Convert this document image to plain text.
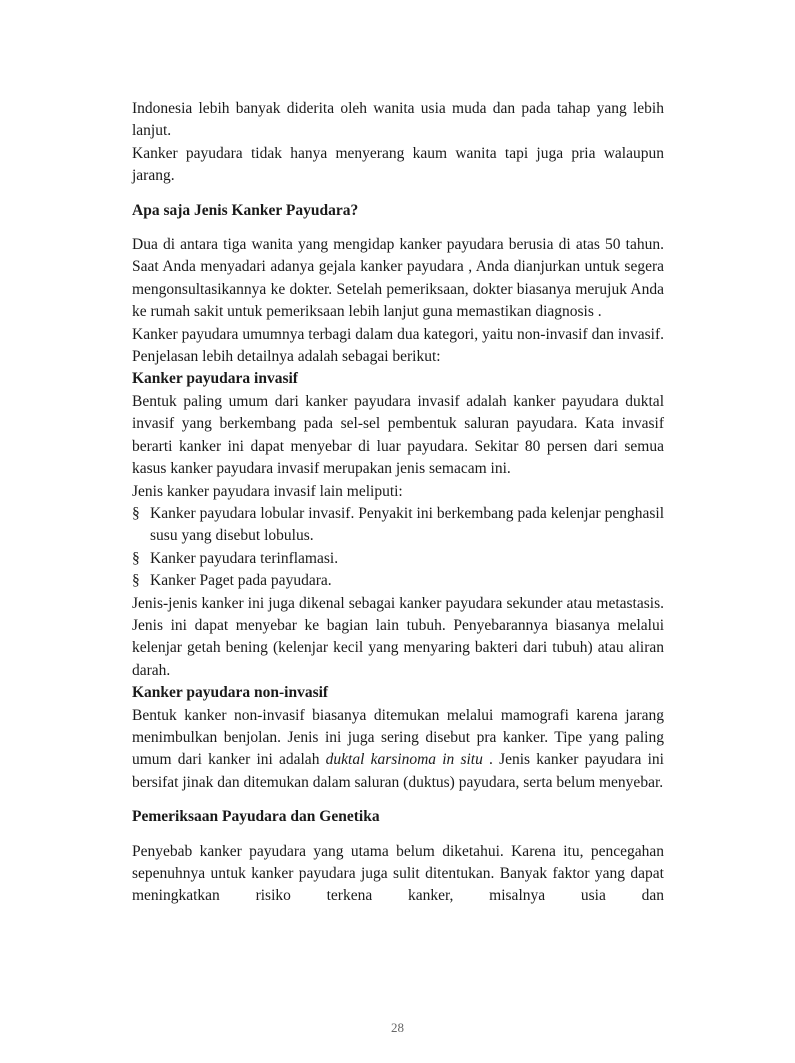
Indonesia lebih banyak diderita oleh wanita usia muda dan pada tahap yang lebih lanjut.

Kanker payudara tidak hanya menyerang kaum wanita tapi juga pria walaupun jarang.

Apa saja Jenis Kanker Payudara?

Dua di antara tiga wanita yang mengidap kanker payudara berusia di atas 50 tahun. Saat Anda menyadari adanya gejala kanker payudara , Anda dianjurkan untuk segera mengonsultasikannya ke dokter. Setelah pemeriksaan, dokter biasanya merujuk Anda ke rumah sakit untuk pemeriksaan lebih lanjut guna memastikan diagnosis .

Kanker payudara umumnya terbagi dalam dua kategori, yaitu non-invasif dan invasif. Penjelasan lebih detailnya adalah sebagai berikut:

Kanker payudara invasif

Bentuk paling umum dari kanker payudara invasif adalah kanker payudara duktal invasif yang berkembang pada sel-sel pembentuk saluran payudara. Kata invasif berarti kanker ini dapat menyebar di luar payudara. Sekitar 80 persen dari semua kasus kanker payudara invasif merupakan jenis semacam ini.

Jenis kanker payudara invasif lain meliputi:

§ Kanker payudara lobular invasif. Penyakit ini berkembang pada kelenjar penghasil susu yang disebut lobulus.
§ Kanker payudara terinflamasi.
§ Kanker Paget pada payudara.

Jenis-jenis kanker ini juga dikenal sebagai kanker payudara sekunder atau metastasis. Jenis ini dapat menyebar ke bagian lain tubuh. Penyebarannya biasanya melalui kelenjar getah bening (kelenjar kecil yang menyaring bakteri dari tubuh) atau aliran darah.

Kanker payudara non-invasif

Bentuk kanker non-invasif biasanya ditemukan melalui mamografi karena jarang menimbulkan benjolan. Jenis ini juga sering disebut pra kanker. Tipe yang paling umum dari kanker ini adalah duktal karsinoma in situ . Jenis kanker payudara ini bersifat jinak dan ditemukan dalam saluran (duktus) payudara, serta belum menyebar.

Pemeriksaan Payudara dan Genetika

Penyebab kanker payudara yang utama belum diketahui. Karena itu, pencegahan sepenuhnya untuk kanker payudara juga sulit ditentukan. Banyak faktor yang dapat meningkatkan risiko terkena kanker, misalnya usia dan

28
